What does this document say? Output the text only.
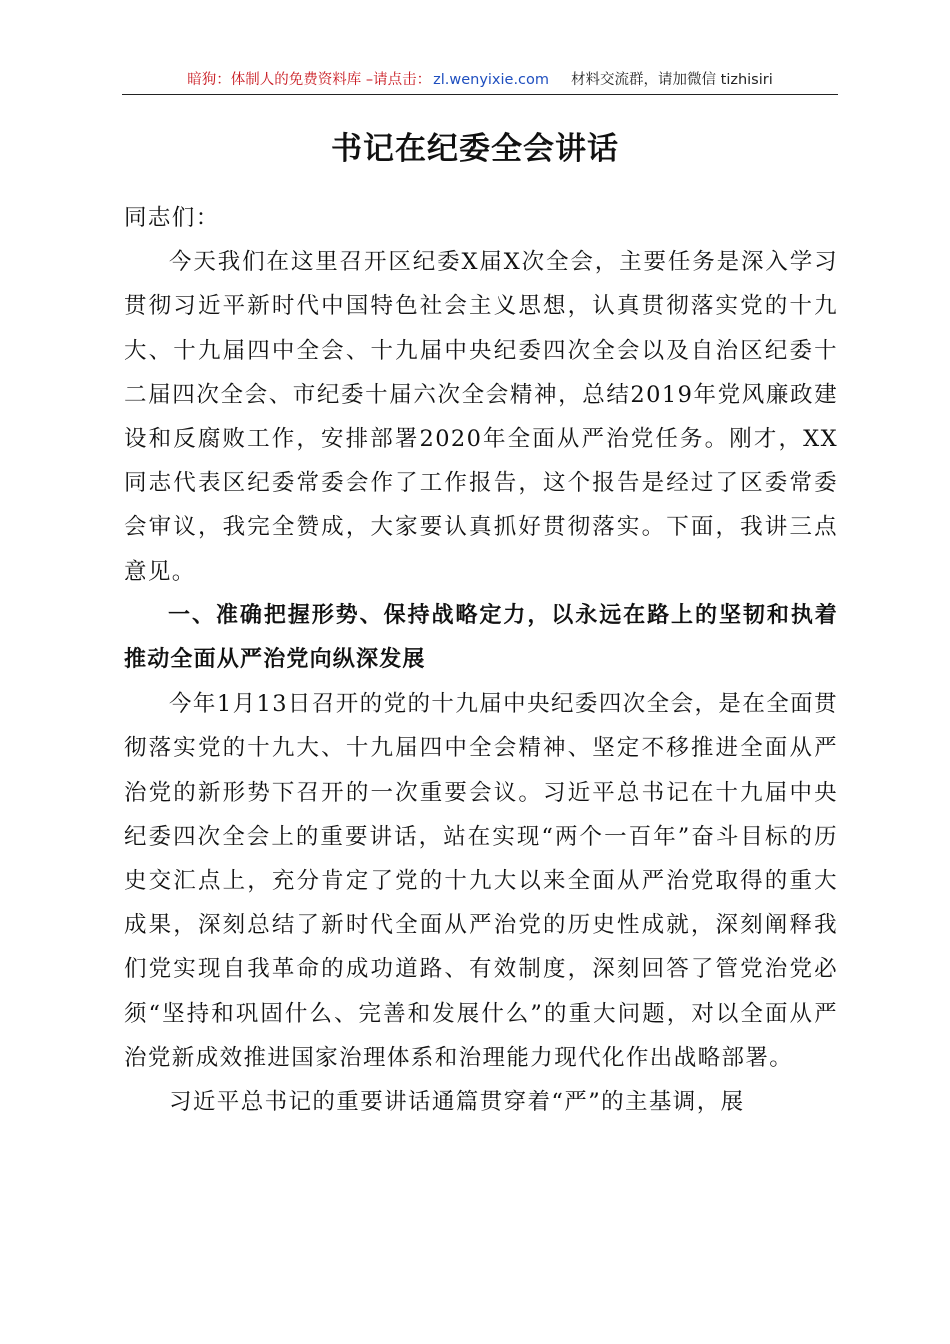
暗狗：体制人的免费资料库 –请点击： zl.wenyixie.com 材料交流群，请加微信 tizhisiri
书记在纪委全会讲话

同志们：

今天我们在这里召开区纪委X届X次全会，主要任务是深入学习贯彻习近平新时代中国特色社会主义思想，认真贯彻落实党的十九大、十九届四中全会、十九届中央纪委四次全会以及自治区纪委十二届四次全会、市纪委十届六次全会精神，总结2019年党风廉政建设和反腐败工作，安排部署2020年全面从严治党任务。刚才，XX同志代表区纪委常委会作了工作报告，这个报告是经过了区委常委会审议，我完全赞成，大家要认真抓好贯彻落实。下面，我讲三点意见。

一、准确把握形势、保持战略定力，以永远在路上的坚韧和执着推动全面从严治党向纵深发展

今年1月13日召开的党的十九届中央纪委四次全会，是在全面贯彻落实党的十九大、十九届四中全会精神、坚定不移推进全面从严治党的新形势下召开的一次重要会议。习近平总书记在十九届中央纪委四次全会上的重要讲话，站在实现“两个一百年”奋斗目标的历史交汇点上，充分肯定了党的十九大以来全面从严治党取得的重大成果，深刻总结了新时代全面从严治党的历史性成就，深刻阐释我们党实现自我革命的成功道路、有效制度，深刻回答了管党治党必须“坚持和巩固什么、完善和发展什么”的重大问题，对以全面从严治党新成效推进国家治理体系和治理能力现代化作出战略部署。

习近平总书记的重要讲话通篇贯穿着“严”的主基调，展
